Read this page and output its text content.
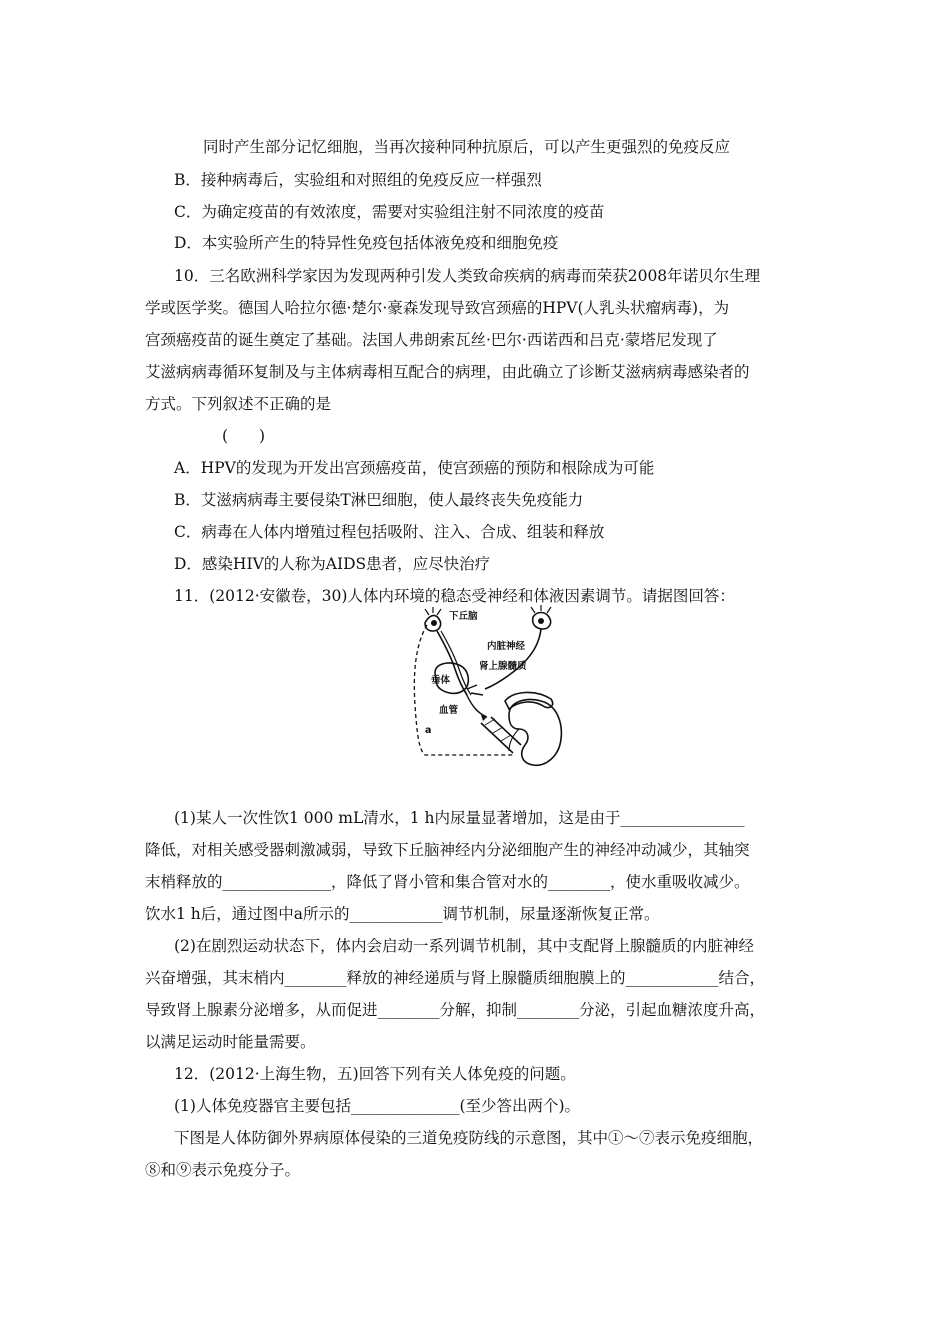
同时产生部分记忆细胞，当再次接种同种抗原后，可以产生更强烈的免疫反应
B．接种病毒后，实验组和对照组的免疫反应一样强烈
C．为确定疫苗的有效浓度，需要对实验组注射不同浓度的疫苗
D．本实验所产生的特异性免疫包括体液免疫和细胞免疫
10．三名欧洲科学家因为发现两种引发人类致命疾病的病毒而荣获2008年诺贝尔生理
学或医学奖。德国人哈拉尔德·楚尔·豪森发现导致宫颈癌的HPV(人乳头状瘤病毒)，为
宫颈癌疫苗的诞生奠定了基础。法国人弗朗索瓦丝·巴尔·西诺西和吕克·蒙塔尼发现了
艾滋病病毒循环复制及与主体病毒相互配合的病理，由此确立了诊断艾滋病病毒感染者的
方式。下列叙述不正确的是
(　　)
A．HPV的发现为开发出宫颈癌疫苗，使宫颈癌的预防和根除成为可能
B．艾滋病病毒主要侵染T淋巴细胞，使人最终丧失免疫能力
C．病毒在人体内增殖过程包括吸附、注入、合成、组装和释放
D．感染HIV的人称为AIDS患者，应尽快治疗
11．(2012·安徽卷，30)人体内环境的稳态受神经和体液因素调节。请据图回答：
下丘脑
垂体
a
内脏神经
肾上腺髓质
血管
(1)某人一次性饮1 000 mL清水，1 h内尿量显著增加，这是由于________________
降低，对相关感受器刺激减弱，导致下丘脑神经内分泌细胞产生的神经冲动减少，其轴突
末梢释放的______________，降低了肾小管和集合管对水的________，使水重吸收减少。
饮水1 h后，通过图中a所示的____________调节机制，尿量逐渐恢复正常。
(2)在剧烈运动状态下，体内会启动一系列调节机制，其中支配肾上腺髓质的内脏神经
兴奋增强，其末梢内________释放的神经递质与肾上腺髓质细胞膜上的____________结合，
导致肾上腺素分泌增多，从而促进________分解，抑制________分泌，引起血糖浓度升高，
以满足运动时能量需要。
12．(2012·上海生物，五)回答下列有关人体免疫的问题。
(1)人体免疫器官主要包括______________(至少答出两个)。
下图是人体防御外界病原体侵染的三道免疫防线的示意图，其中①～⑦表示免疫细胞，
⑧和⑨表示免疫分子。
